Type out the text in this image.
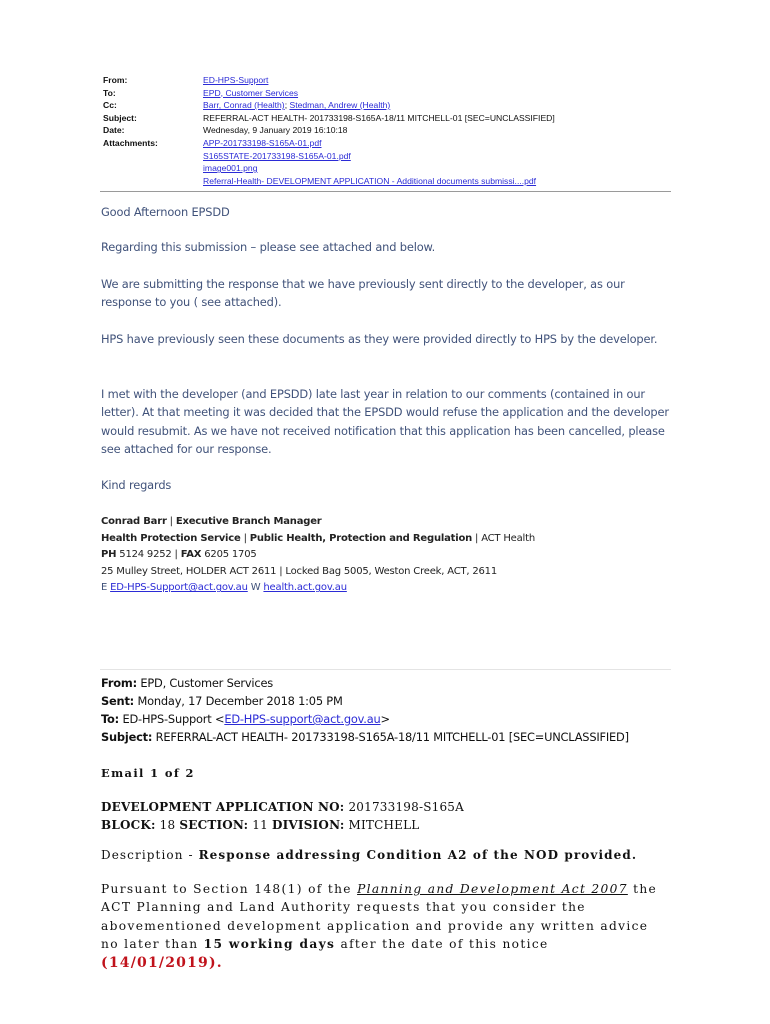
From:	ED-HPS-Support
To:	EPD, Customer Services
Cc:	Barr, Conrad (Health); Stedman, Andrew (Health)
Subject:	REFERRAL-ACT HEALTH- 201733198-S165A-18/11 MITCHELL-01 [SEC=UNCLASSIFIED]
Date:	Wednesday, 9 January 2019 16:10:18
Attachments:	APP-201733198-S165A-01.pdf
S165STATE-201733198-S165A-01.pdf
image001.png
Referral-Health- DEVELOPMENT APPLICATION - Additional documents submissi....pdf

Good Afternoon EPSDD

Regarding this submission – please see attached and below.

We are submitting the response that we have previously sent directly to the developer, as our response to you ( see attached).

HPS have previously seen these documents as they were provided directly to HPS by the developer.

I met with the developer (and EPSDD) late last year in relation to our comments (contained in our letter). At that meeting it was decided that the EPSDD would refuse the application and the developer would resubmit. As we have not received notification that this application has been cancelled, please see attached for our response.

Kind regards

Conrad Barr | Executive Branch Manager
Health Protection Service | Public Health, Protection and Regulation | ACT Health
PH 5124 9252 | FAX 6205 1705
25 Mulley Street, HOLDER ACT 2611 | Locked Bag 5005, Weston Creek, ACT, 2611
E ED-HPS-Support@act.gov.au W health.act.gov.au
From: EPD, Customer Services
Sent: Monday, 17 December 2018 1:05 PM
To: ED-HPS-Support <ED-HPS-support@act.gov.au>
Subject: REFERRAL-ACT HEALTH- 201733198-S165A-18/11 MITCHELL-01 [SEC=UNCLASSIFIED]
Email 1 of 2
DEVELOPMENT APPLICATION NO: 201733198-S165A
BLOCK: 18 SECTION: 11 DIVISION: MITCHELL
Description - Response addressing Condition A2 of the NOD provided.
Pursuant to Section 148(1) of the Planning and Development Act 2007 the ACT Planning and Land Authority requests that you consider the abovementioned development application and provide any written advice no later than 15 working days after the date of this notice (14/01/2019).
